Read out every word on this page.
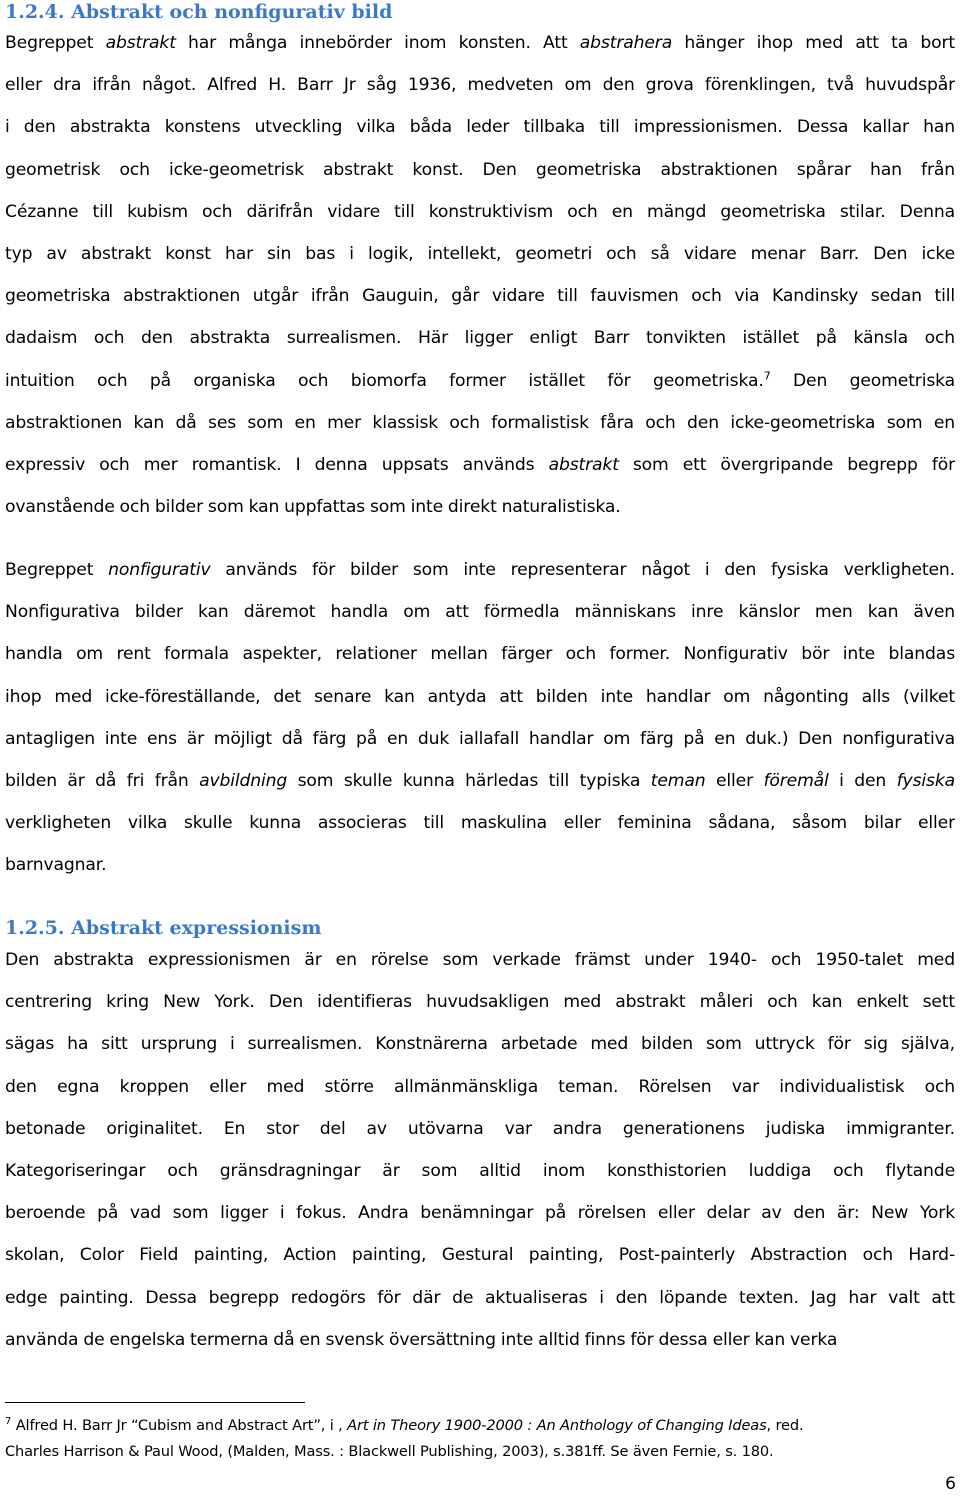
1.2.4. Abstrakt och nonfigurativ bild
Begreppet abstrakt har många innebörder inom konsten. Att abstrahera hänger ihop med att ta bort
eller dra ifrån något. Alfred H. Barr Jr såg 1936, medveten om den grova förenklingen, två huvudspår
i den abstrakta konstens utveckling vilka båda leder tillbaka till impressionismen. Dessa kallar han
geometrisk och icke-geometrisk abstrakt konst. Den geometriska abstraktionen spårar han från
Cézanne till kubism och därifrån vidare till konstruktivism och en mängd geometriska stilar. Denna
typ av abstrakt konst har sin bas i logik, intellekt, geometri och så vidare menar Barr. Den icke
geometriska abstraktionen utgår ifrån Gauguin, går vidare till fauvismen och via Kandinsky sedan till
dadaism och den abstrakta surrealismen. Här ligger enligt Barr tonvikten istället på känsla och
intuition och på organiska och biomorfa former istället för geometriska.$^7$ Den geometriska
abstraktionen kan då ses som en mer klassisk och formalistisk fåra och den icke-geometriska som en
expressiv och mer romantisk. I denna uppsats används abstrakt som ett övergripande begrepp för
ovanstående och bilder som kan uppfattas som inte direkt naturalistiska.
Begreppet nonfigurativ används för bilder som inte representerar något i den fysiska verkligheten.
Nonfigurativa bilder kan däremot handla om att förmedla människans inre känslor men kan även
handla om rent formala aspekter, relationer mellan färger och former. Nonfigurativ bör inte blandas
ihop med icke-föreställande, det senare kan antyda att bilden inte handlar om någonting alls (vilket
antagligen inte ens är möjligt då färg på en duk iallafall handlar om färg på en duk.) Den nonfigurativa
bilden är då fri från avbildning som skulle kunna härledas till typiska teman eller föremål i den fysiska
verkligheten vilka skulle kunna associeras till maskulina eller feminina sådana, såsom bilar eller
barnvagnar.
1.2.5. Abstrakt expressionism
Den abstrakta expressionismen är en rörelse som verkade främst under 1940- och 1950-talet med
centrering kring New York. Den identifieras huvudsakligen med abstrakt måleri och kan enkelt sett
sägas ha sitt ursprung i surrealismen. Konstnärerna arbetade med bilden som uttryck för sig själva,
den egna kroppen eller med större allmänmänskliga teman. Rörelsen var individualistisk och
betonade originalitet. En stor del av utövarna var andra generationens judiska immigranter.
Kategoriseringar och gränsdragningar är som alltid inom konsthistorien luddiga och flytande
beroende på vad som ligger i fokus. Andra benämningar på rörelsen eller delar av den är: New York
skolan, Color Field painting, Action painting, Gestural painting, Post-painterly Abstraction och Hard-
edge painting. Dessa begrepp redogörs för där de aktualiseras i den löpande texten. Jag har valt att
använda de engelska termerna då en svensk översättning inte alltid finns för dessa eller kan verka
$^7$ Alfred H. Barr Jr “Cubism and Abstract Art”, i , Art in Theory 1900-2000 : An Anthology of Changing Ideas, red.
Charles Harrison & Paul Wood, (Malden, Mass. : Blackwell Publishing, 2003), s.381ff. Se även Fernie, s. 180.
6
